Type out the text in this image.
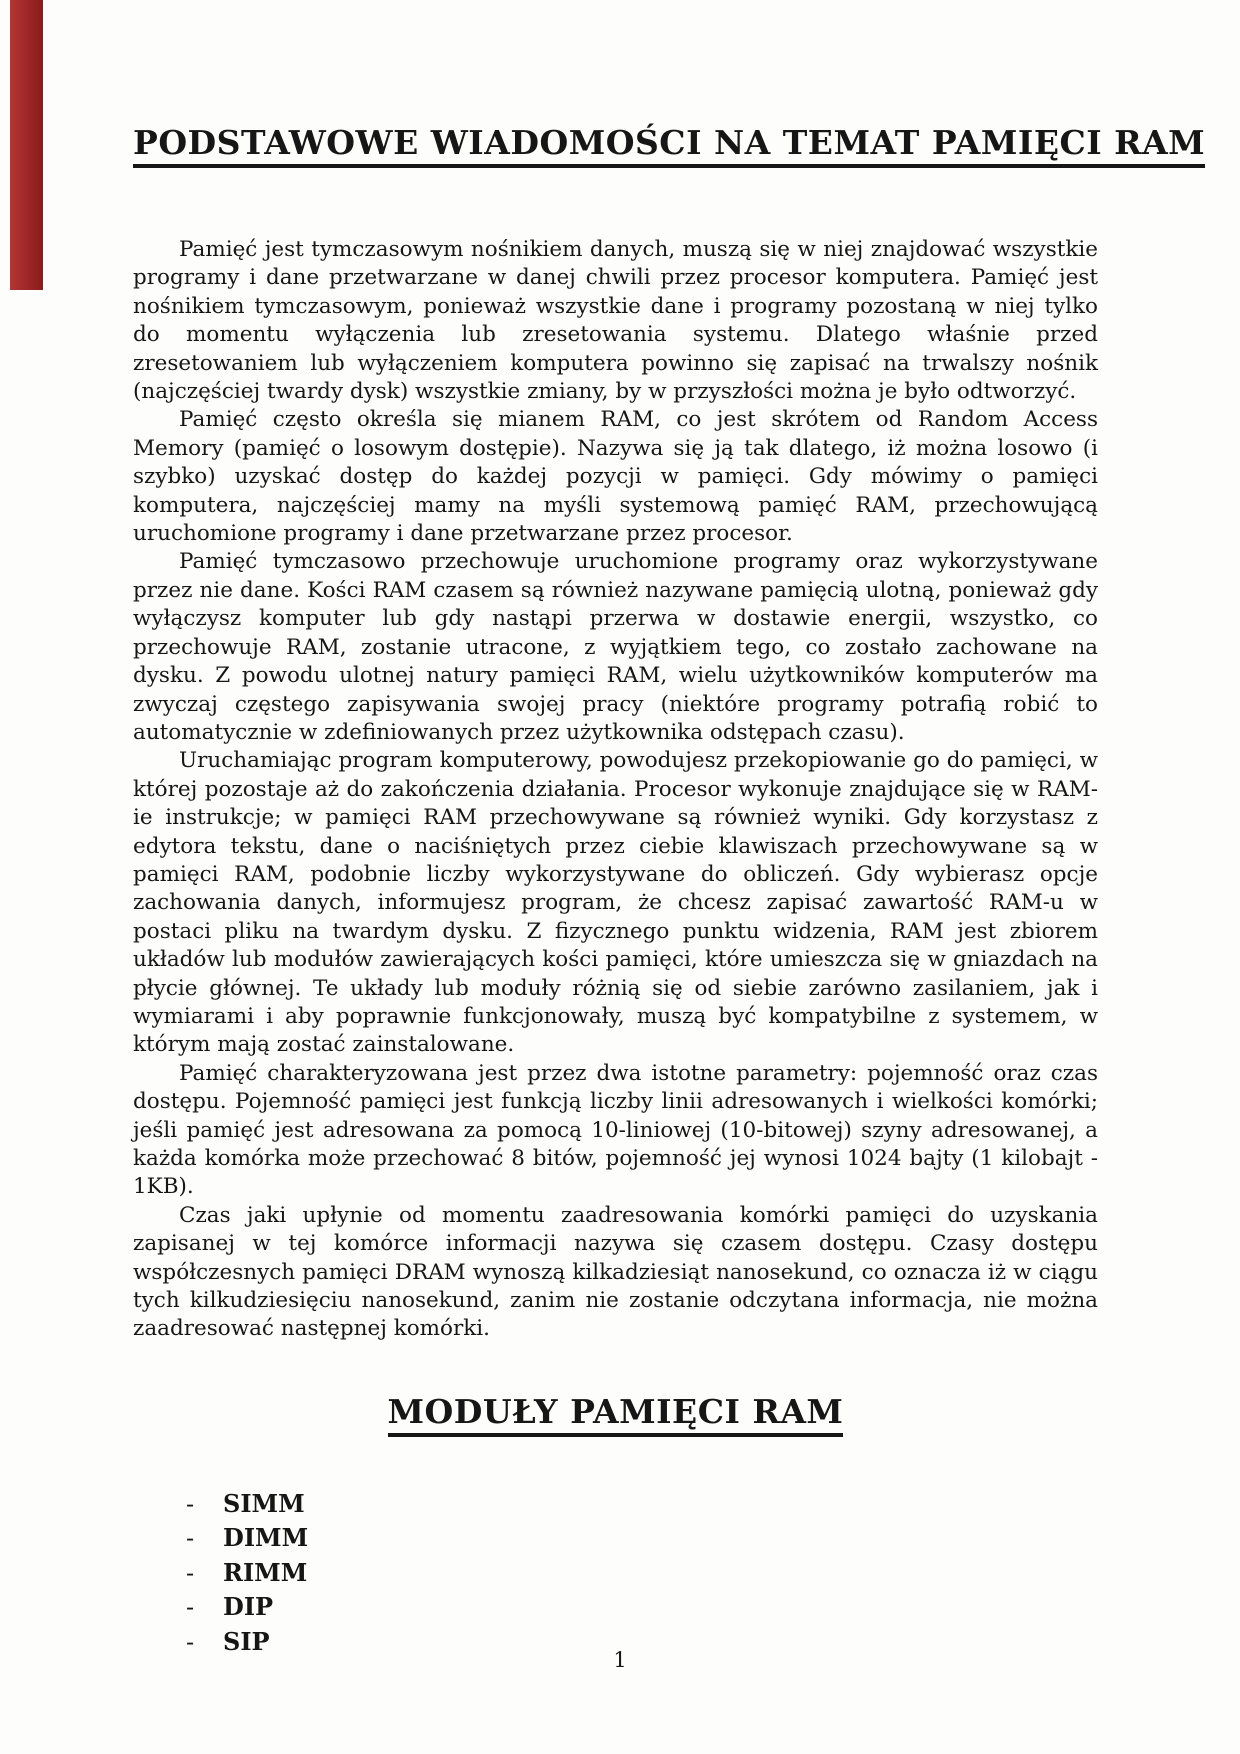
PODSTAWOWE WIADOMOŚCI NA TEMAT PAMIĘCI RAM

Pamięć jest tymczasowym nośnikiem danych, muszą się w niej znajdować wszystkie programy i dane przetwarzane w danej chwili przez procesor komputera. Pamięć jest nośnikiem tymczasowym, ponieważ wszystkie dane i programy pozostaną w niej tylko do momentu wyłączenia lub zresetowania systemu. Dlatego właśnie przed zresetowaniem lub wyłączeniem komputera powinno się zapisać na trwalszy nośnik (najczęściej twardy dysk) wszystkie zmiany, by w przyszłości można je było odtworzyć.

Pamięć często określa się mianem RAM, co jest skrótem od Random Access Memory (pamięć o losowym dostępie). Nazywa się ją tak dlatego, iż można losowo (i szybko) uzyskać dostęp do każdej pozycji w pamięci. Gdy mówimy o pamięci komputera, najczęściej mamy na myśli systemową pamięć RAM, przechowującą uruchomione programy i dane przetwarzane przez procesor.

Pamięć tymczasowo przechowuje uruchomione programy oraz wykorzystywane przez nie dane. Kości RAM czasem są również nazywane pamięcią ulotną, ponieważ gdy wyłączysz komputer lub gdy nastąpi przerwa w dostawie energii, wszystko, co przechowuje RAM, zostanie utracone, z wyjątkiem tego, co zostało zachowane na dysku. Z powodu ulotnej natury pamięci RAM, wielu użytkowników komputerów ma zwyczaj częstego zapisywania swojej pracy (niektóre programy potrafią robić to automatycznie w zdefiniowanych przez użytkownika odstępach czasu).

Uruchamiając program komputerowy, powodujesz przekopiowanie go do pamięci, w której pozostaje aż do zakończenia działania. Procesor wykonuje znajdujące się w RAM-ie instrukcje; w pamięci RAM przechowywane są również wyniki. Gdy korzystasz z edytora tekstu, dane o naciśniętych przez ciebie klawiszach przechowywane są w pamięci RAM, podobnie liczby wykorzystywane do obliczeń. Gdy wybierasz opcje zachowania danych, informujesz program, że chcesz zapisać zawartość RAM-u w postaci pliku na twardym dysku. Z fizycznego punktu widzenia, RAM jest zbiorem układów lub modułów zawierających kości pamięci, które umieszcza się w gniazdach na płycie głównej. Te układy lub moduły różnią się od siebie zarówno zasilaniem, jak i wymiarami i aby poprawnie funkcjonowały, muszą być kompatybilne z systemem, w którym mają zostać zainstalowane.

Pamięć charakteryzowana jest przez dwa istotne parametry: pojemność oraz czas dostępu. Pojemność pamięci jest funkcją liczby linii adresowanych i wielkości komórki; jeśli pamięć jest adresowana za pomocą 10-liniowej (10-bitowej) szyny adresowanej, a każda komórka może przechować 8 bitów, pojemność jej wynosi 1024 bajty (1 kilobajt - 1KB).

Czas jaki upłynie od momentu zaadresowania komórki pamięci do uzyskania zapisanej w tej komórce informacji nazywa się czasem dostępu. Czasy dostępu współczesnych pamięci DRAM wynoszą kilkadziesiąt nanosekund, co oznacza iż w ciągu tych kilkudziesięciu nanosekund, zanim nie zostanie odczytana informacja, nie można zaadresować następnej komórki.

MODUŁY PAMIĘCI RAM
- SIMM
- DIMM
- RIMM
- DIP
- SIP
1
